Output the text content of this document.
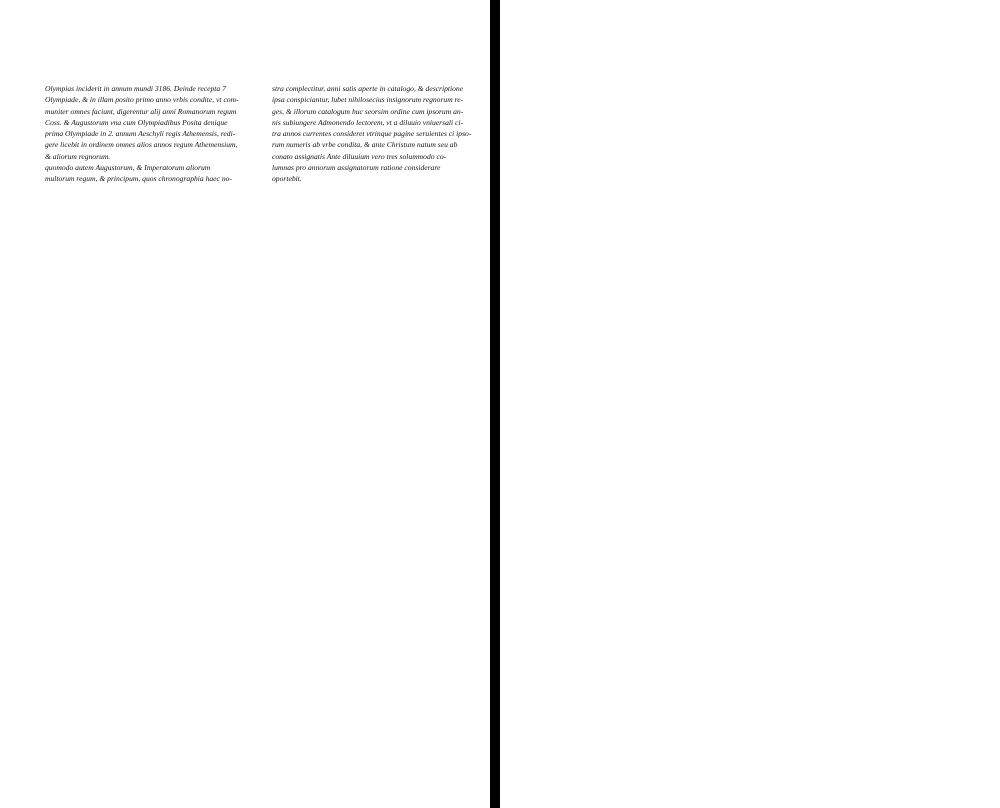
Olympias inciderit in annum mundi 3186. Deinde recepta 7
Olympiade, & in illam posito primo anno vrbis condite, vt com-
muniter omnes faciunt, digerentur alij anni Romanorum regum
Coss. & Augustorum vna cum Olympiadibus Posita denique
prima Olympiade in 2. annum Aeschyli regis Athemensis, redi-
gere licebit in ordinem omnes alios annos regum Athemensium,
& aliorum regnorum.
quomodo autem Augustorum, & Imperatorum aliorum
multorum regum, & principum, quos chronographia haec no-
stra complectitur, anni satis aperte in catalogo, & descriptione
ipsa conspiciantur, lubet nihilosecius insignorum regnorum re-
ges, & illorum catalogum huc seorsim ordine cum ipsorum an-
nis subiungere Admonendo lectorem, vt a diluuio vniuersali ci-
tra annos currentes consideret vtrinque pagine seruientes ci ipso-
rum numeris ab vrbe condita, & ante Christum natum seu ab
conato assignatis Ante diluuium vero tres solummodo co-
lumnas pro annorum assignatorum ratione considerare
oportebit.
